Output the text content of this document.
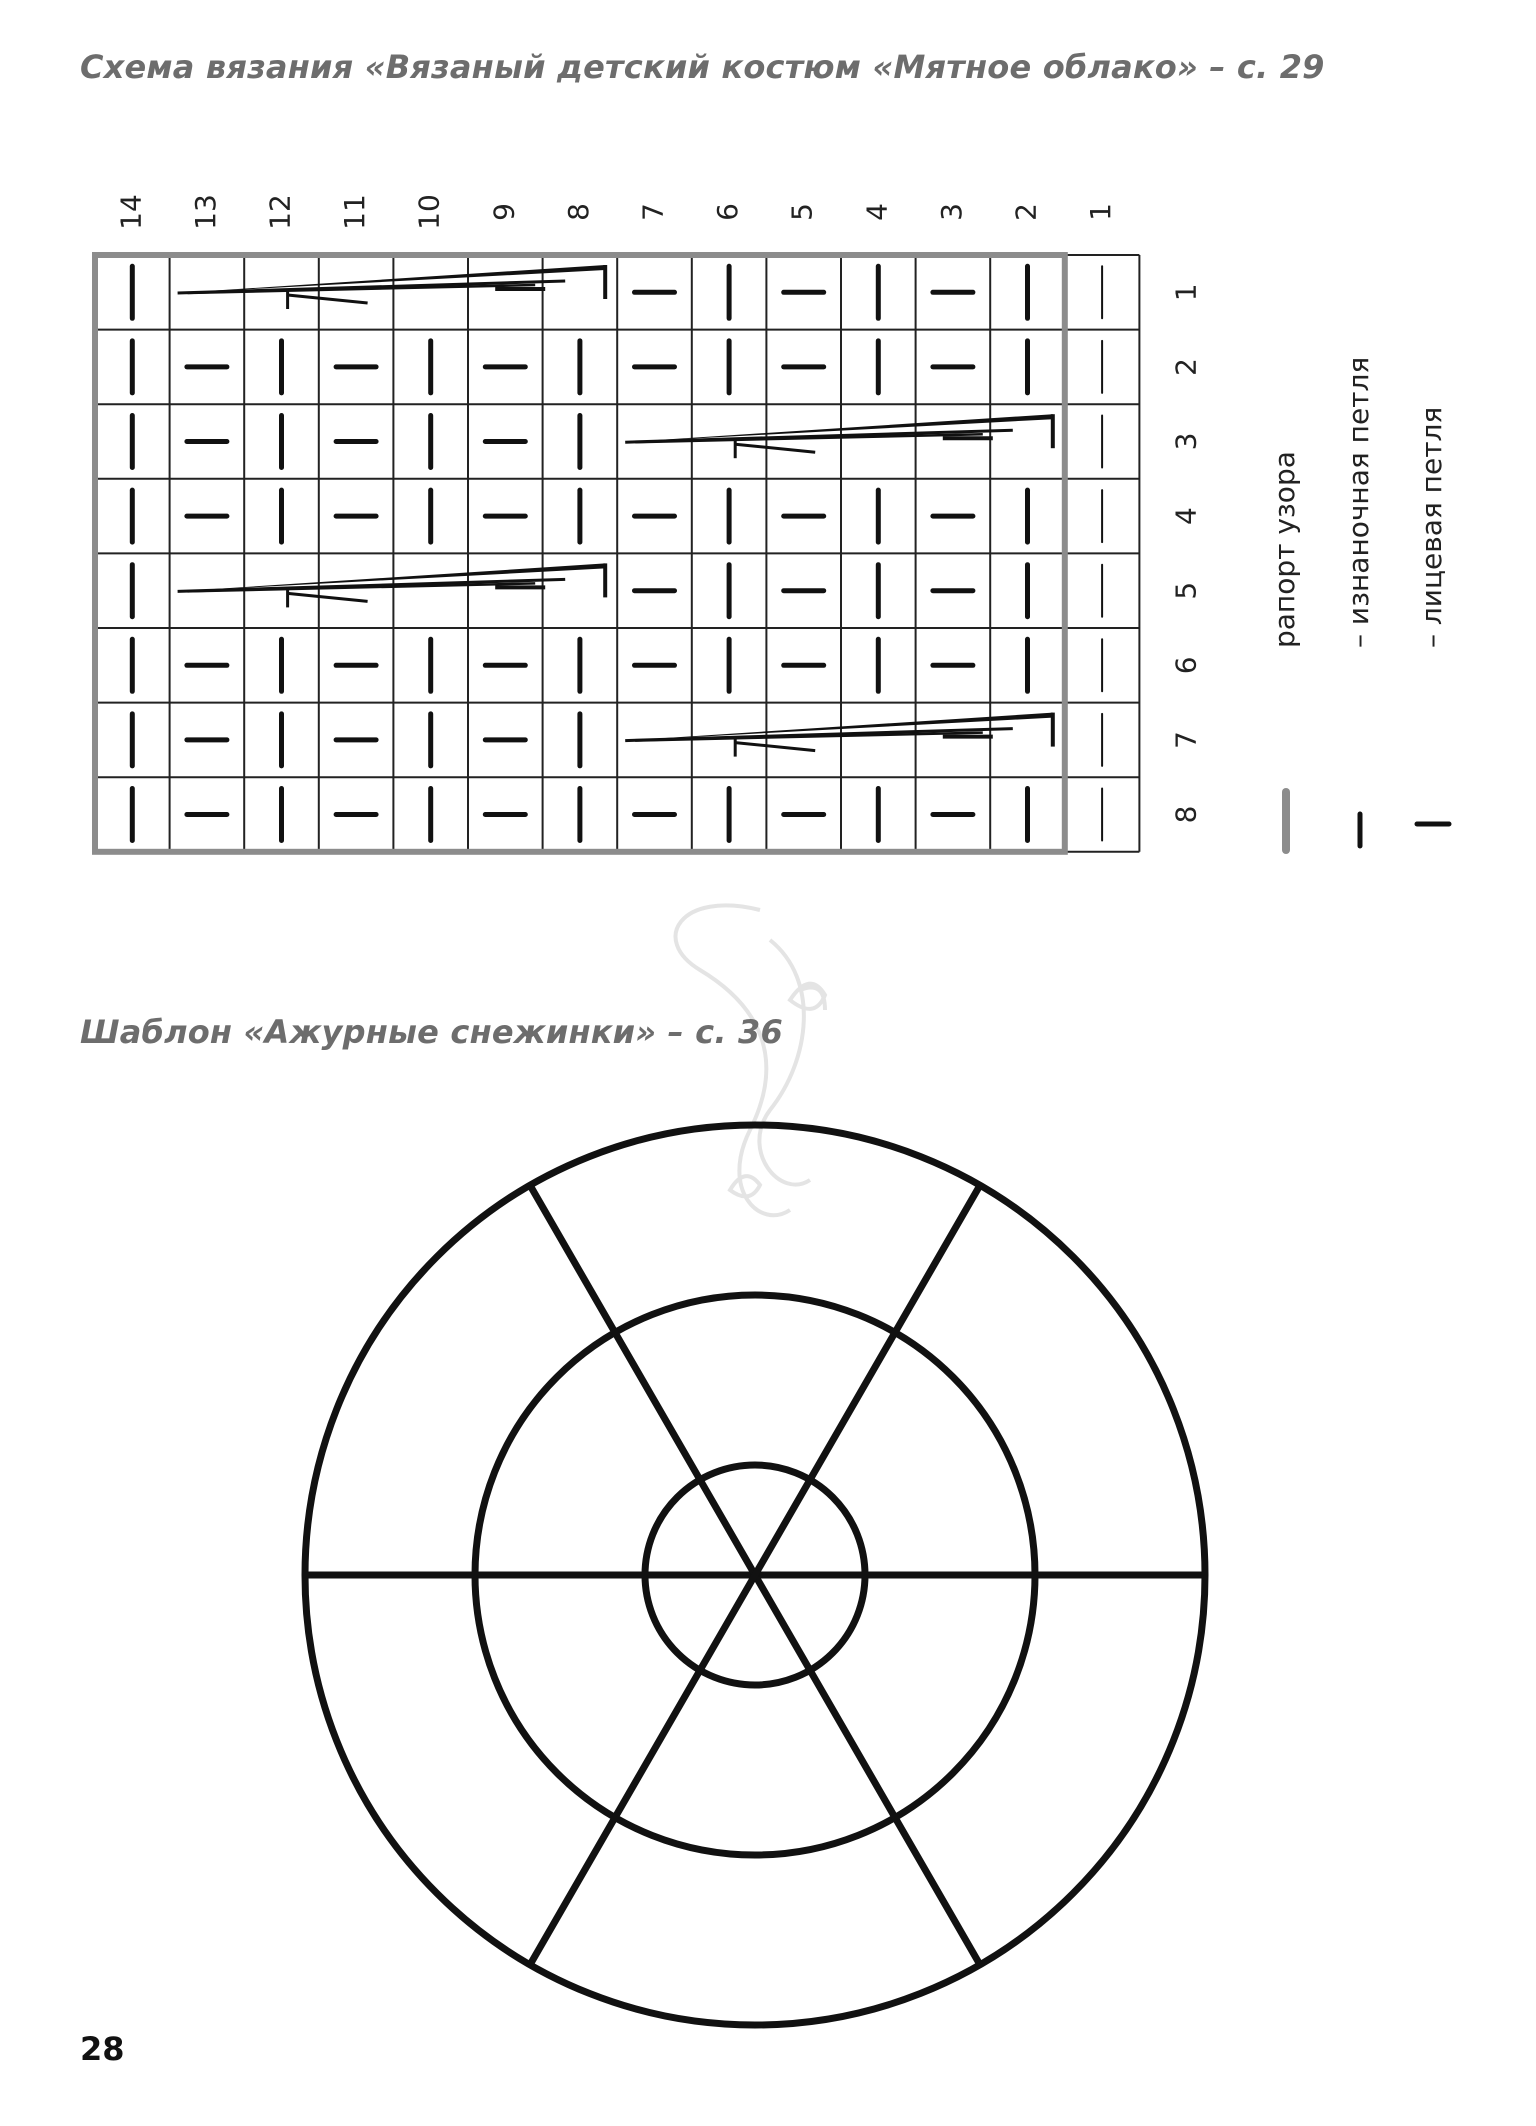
Схема вязания «Вязаный детский костюм «Мятное облако» – с. 29
14 13 12 11 10 9 8 7 6 5 4 3 2 1
1
2
3
4
5
6
7
8
рапорт узора – изнаночная петля – лицевая петля
Шаблон «Ажурные снежинки» – с. 36

28
